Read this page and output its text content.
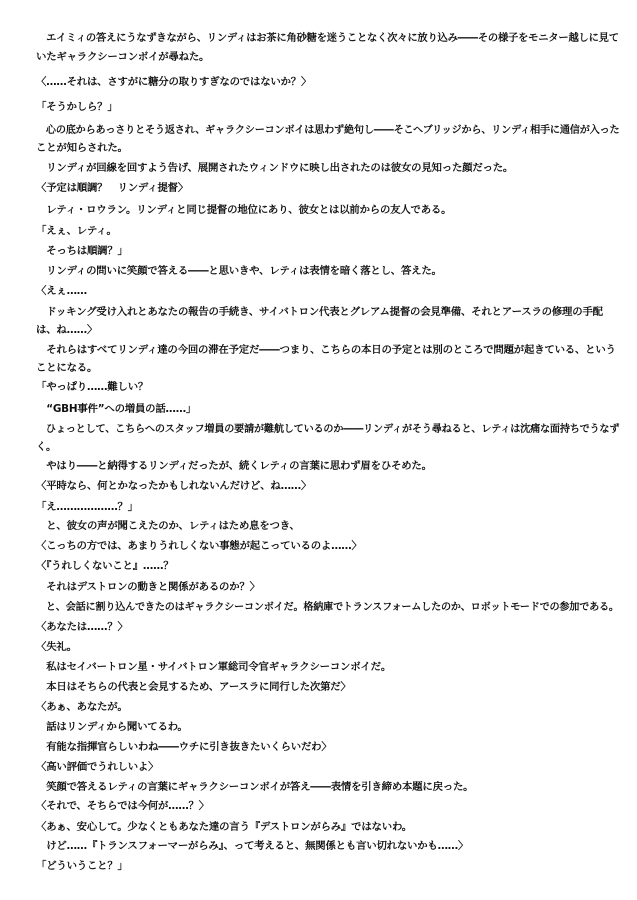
　エイミィの答えにうなずきながら、リンディはお茶に角砂糖を迷うことなく次々に放り込み――その様子をモニター越しに見て
いたギャラクシーコンボイが尋ねた。
〈……それは、さすがに糖分の取りすぎなのではないか？〉
「そうかしら？」
　心の底からあっさりとそう返され、ギャラクシーコンボイは思わず絶句し――そこへブリッジから、リンディ相手に通信が入った
ことが知らされた。
　リンディが回線を回すよう告げ、展開されたウィンドウに映し出されたのは彼女の見知った顔だった。
〈予定は順調？　リンディ提督〉
　レティ・ロウラン。リンディと同じ提督の地位にあり、彼女とは以前からの友人である。
「えぇ、レティ。
　そっちは順調？」
　リンディの問いに笑顔で答える――と思いきや、レティは表情を暗く落とし、答えた。
〈えぇ……
　ドッキング受け入れとあなたの報告の手続き、サイバトロン代表とグレアム提督の会見準備、それとアースラの修理の手配
は、ね……〉
　それらはすべてリンディ達の今回の滞在予定だ――つまり、こちらの本日の予定とは別のところで問題が起きている、という
ことになる。
「やっぱり……難しい？
　“GBH事件”への増員の話……」
　ひょっとして、こちらへのスタッフ増員の要請が難航しているのか――リンディがそう尋ねると、レティは沈痛な面持ちでうなず
く。
　やはり――と納得するリンディだったが、続くレティの言葉に思わず眉をひそめた。
〈平時なら、何とかなったかもしれないんだけど、ね……〉
「え………………？」
　と、彼女の声が聞こえたのか、レティはため息をつき、
〈こっちの方では、あまりうれしくない事態が起こっているのよ……〉
〈『うれしくないこと』……？
　それはデストロンの動きと関係があるのか？〉
　と、会話に割り込んできたのはギャラクシーコンボイだ。格納庫でトランスフォームしたのか、ロボットモードでの参加である。
〈あなたは……？〉
〈失礼。
　私はセイバートロン星・サイバトロン軍総司令官ギャラクシーコンボイだ。
　本日はそちらの代表と会見するため、アースラに同行した次第だ〉
〈あぁ、あなたが。
　話はリンディから聞いてるわ。
　有能な指揮官らしいわね――ウチに引き抜きたいくらいだわ〉
〈高い評価でうれしいよ〉
　笑顔で答えるレティの言葉にギャラクシーコンボイが答え――表情を引き締め本題に戻った。
〈それで、そちらでは今何が……？〉
〈あぁ、安心して。少なくともあなた達の言う『デストロンがらみ』ではないわ。
　けど……『トランスフォーマーがらみ』、って考えると、無関係とも言い切れないかも……〉
「どういうこと？」
